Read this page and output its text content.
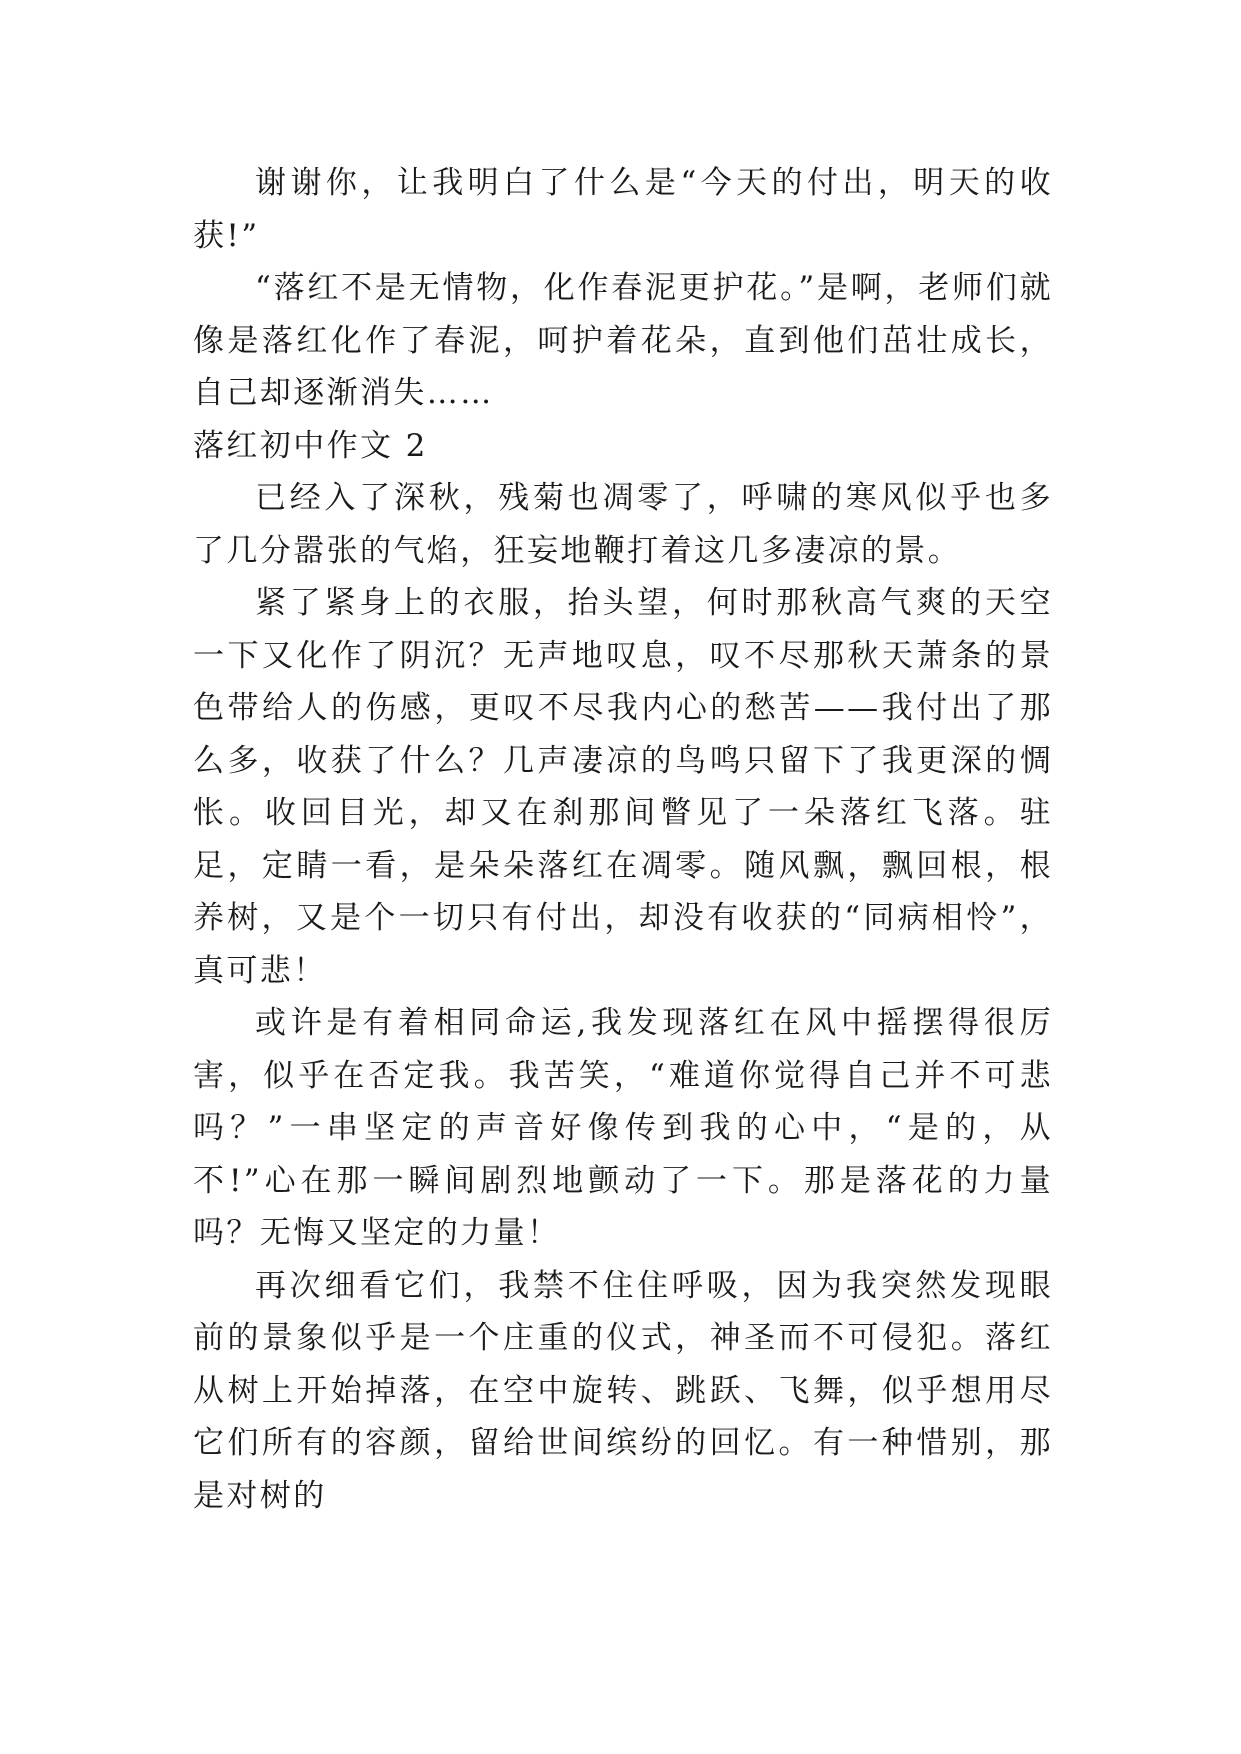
谢谢你，让我明白了什么是“今天的付出，明天的收获!”

“落红不是无情物，化作春泥更护花。”是啊，老师们就像是落红化作了春泥，呵护着花朵，直到他们茁壮成长，自己却逐渐消失……

落红初中作文 2

已经入了深秋，残菊也凋零了，呼啸的寒风似乎也多了几分嚣张的气焰，狂妄地鞭打着这几多凄凉的景。

紧了紧身上的衣服，抬头望，何时那秋高气爽的天空一下又化作了阴沉？无声地叹息，叹不尽那秋天萧条的景色带给人的伤感，更叹不尽我内心的愁苦——我付出了那么多，收获了什么？几声凄凉的鸟鸣只留下了我更深的惆怅。收回目光，却又在刹那间瞥见了一朵落红飞落。驻足，定睛一看，是朵朵落红在凋零。随风飘，飘回根，根养树，又是个一切只有付出，却没有收获的“同病相怜”，真可悲！

或许是有着相同命运,我发现落红在风中摇摆得很厉害，似乎在否定我。我苦笑，“难道你觉得自己并不可悲吗？”一串坚定的声音好像传到我的心中，“是的，从不!”心在那一瞬间剧烈地颤动了一下。那是落花的力量吗？无悔又坚定的力量！

再次细看它们，我禁不住住呼吸，因为我突然发现眼前的景象似乎是一个庄重的仪式，神圣而不可侵犯。落红从树上开始掉落，在空中旋转、跳跃、飞舞，似乎想用尽它们所有的容颜，留给世间缤纷的回忆。有一种惜别，那是对树的
